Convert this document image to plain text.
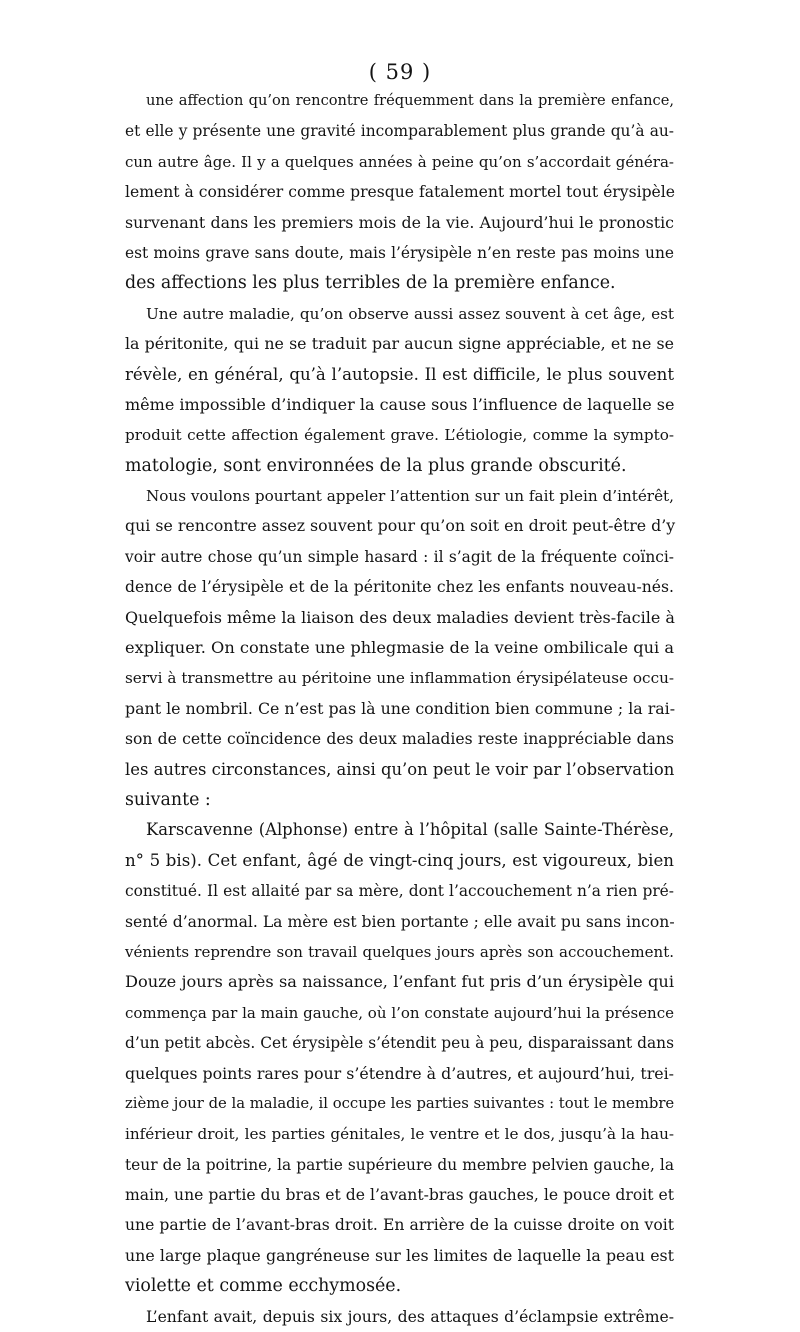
( 59 )
une affection qu’on rencontre fréquemment dans la première enfance,
et elle y présente une gravité incomparablement plus grande qu’à au-
cun autre âge. Il y a quelques années à peine qu’on s’accordait généra-
lement à considérer comme presque fatalement mortel tout érysipèle
survenant dans les premiers mois de la vie. Aujourd’hui le pronostic
est moins grave sans doute, mais l’érysipèle n’en reste pas moins une
des affections les plus terribles de la première enfance.
Une autre maladie, qu’on observe aussi assez souvent à cet âge, est
la péritonite, qui ne se traduit par aucun signe appréciable, et ne se
révèle, en général, qu’à l’autopsie. Il est difficile, le plus souvent
même impossible d’indiquer la cause sous l’influence de laquelle se
produit cette affection également grave. L’étiologie, comme la sympto-
matologie, sont environnées de la plus grande obscurité.
Nous voulons pourtant appeler l’attention sur un fait plein d’intérêt,
qui se rencontre assez souvent pour qu’on soit en droit peut-être d’y
voir autre chose qu’un simple hasard : il s’agit de la fréquente coïnci-
dence de l’érysipèle et de la péritonite chez les enfants nouveau-nés.
Quelquefois même la liaison des deux maladies devient très-facile à
expliquer. On constate une phlegmasie de la veine ombilicale qui a
servi à transmettre au péritoine une inflammation érysipélateuse occu-
pant le nombril. Ce n’est pas là une condition bien commune ; la rai-
son de cette coïncidence des deux maladies reste inappréciable dans
les autres circonstances, ainsi qu’on peut le voir par l’observation
suivante :
Karscavenne (Alphonse) entre à l’hôpital (salle Sainte-Thérèse,
n° 5 bis). Cet enfant, âgé de vingt-cinq jours, est vigoureux, bien
constitué. Il est allaité par sa mère, dont l’accouchement n’a rien pré-
senté d’anormal. La mère est bien portante ; elle avait pu sans incon-
vénients reprendre son travail quelques jours après son accouchement.
Douze jours après sa naissance, l’enfant fut pris d’un érysipèle qui
commença par la main gauche, où l’on constate aujourd’hui la présence
d’un petit abcès. Cet érysipèle s’étendit peu à peu, disparaissant dans
quelques points rares pour s’étendre à d’autres, et aujourd’hui, trei-
zième jour de la maladie, il occupe les parties suivantes : tout le membre
inférieur droit, les parties génitales, le ventre et le dos, jusqu’à la hau-
teur de la poitrine, la partie supérieure du membre pelvien gauche, la
main, une partie du bras et de l’avant-bras gauches, le pouce droit et
une partie de l’avant-bras droit. En arrière de la cuisse droite on voit
une large plaque gangréneuse sur les limites de laquelle la peau est
violette et comme ecchymosée.
L’enfant avait, depuis six jours, des attaques d’éclampsie extrême-
